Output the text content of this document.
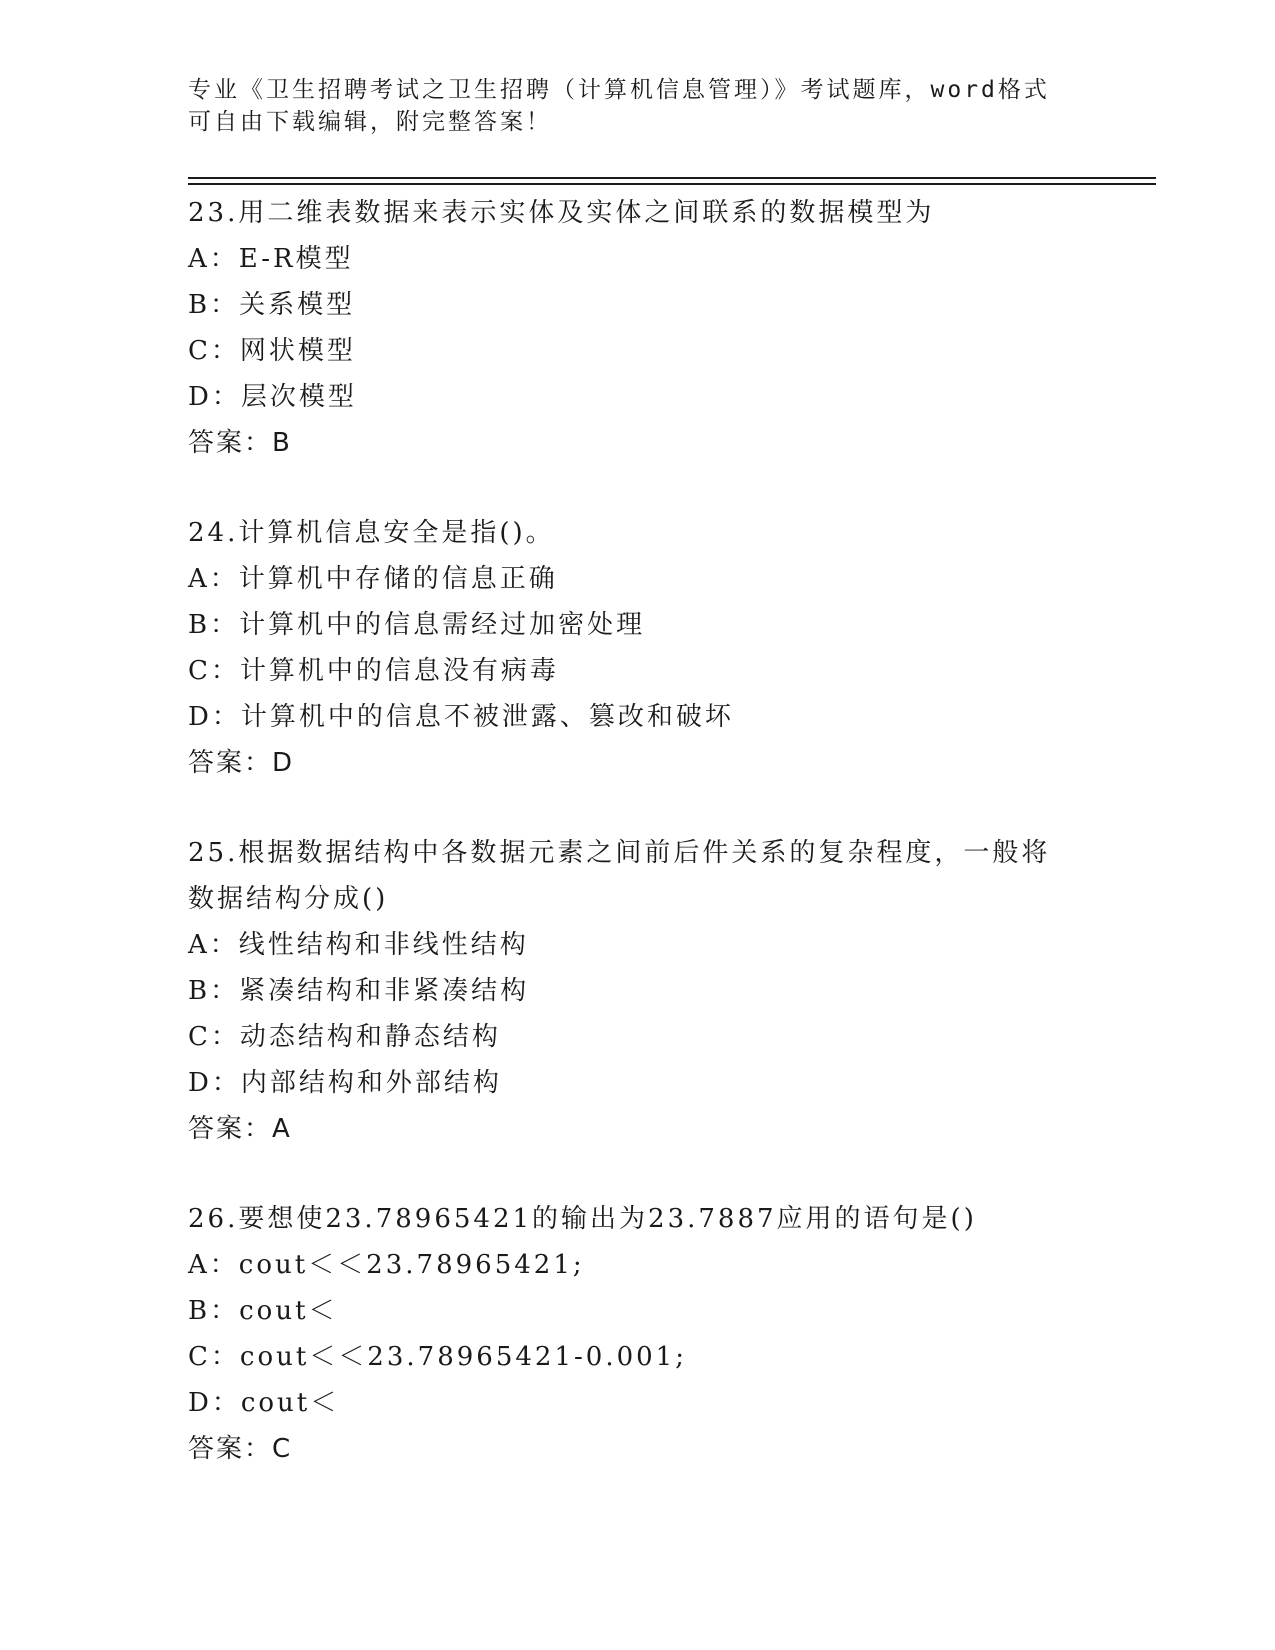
专业《卫生招聘考试之卫生招聘（计算机信息管理）》考试题库，word格式可自由下载编辑，附完整答案！
23.用二维表数据来表示实体及实体之间联系的数据模型为
A：E-R模型
B：关系模型
C：网状模型
D：层次模型
答案：B
24.计算机信息安全是指()。
A：计算机中存储的信息正确
B：计算机中的信息需经过加密处理
C：计算机中的信息没有病毒
D：计算机中的信息不被泄露、篡改和破坏
答案：D
25.根据数据结构中各数据元素之间前后件关系的复杂程度，一般将数据结构分成()
A：线性结构和非线性结构
B：紧凑结构和非紧凑结构
C：动态结构和静态结构
D：内部结构和外部结构
答案：A
26.要想使23.78965421的输出为23.7887应用的语句是()
A：cout＜＜23.78965421;
B：cout＜
C：cout＜＜23.78965421-0.001;
D：cout＜
答案：C
